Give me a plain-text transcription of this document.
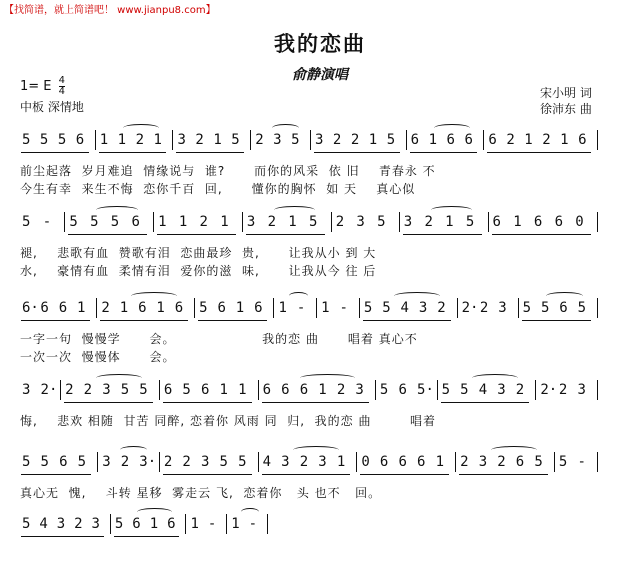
【找简谱，就上简谱吧！ www.jianpu8.com】
我的恋曲
俞静演唱
1= E $\frac{4}{4}$
中板 深情地
宋小明 词
徐沛东 曲
5 5 5 6 1 1 2 1 3 2 1 5 2 3 5 3 2 2 1 5 6 1 6 6 6 2 1 2 1 6
前尘起落  岁月难追  情缘说与  谁?      而你的风采  依 旧    青春永 不
今生有幸  来生不悔  恋你千百  回,      懂你的胸怀  如 天    真心似
5 - 5 5 5 6 1 1 2 1 3 2 1 5 2 3 5 3 2 1 5 6 1 6 6 0
褪,    悲歌有血  赞歌有泪  恋曲最珍  贵,      让我从小 到 大
水,    豪情有血  柔情有泪  爱你的滋  味,      让我从今 往 后
6· 6 6 1 2 1 6 1 6 5 6 1 6 1 - 1 - 5 5 4 3 2 2· 2 3 5 5 6 5
一字一句  慢慢学      会。                  我的恋 曲      唱着 真心不
一次一次  慢慢体      会。
3 2· 2 2 3 5 5 6 5 6 1 1 6 6 6 1 2 3 5 6 5· 5 5 4 3 2 2· 2 3
悔,    悲欢 相随  甘苦 同醉, 恋着你 风雨 同  归,  我的恋 曲        唱着
5 5 6 5 3 2 3· 2 2 3 5 5 4 3 2 3 1 0 6 6 6 1 2 3 2 6 5 5 -
真心无  愧,    斗转 星移  雾走云 飞,  恋着你   头 也不   回。
5 4 3 2 3 5 6 1 6 1 - 1 -
